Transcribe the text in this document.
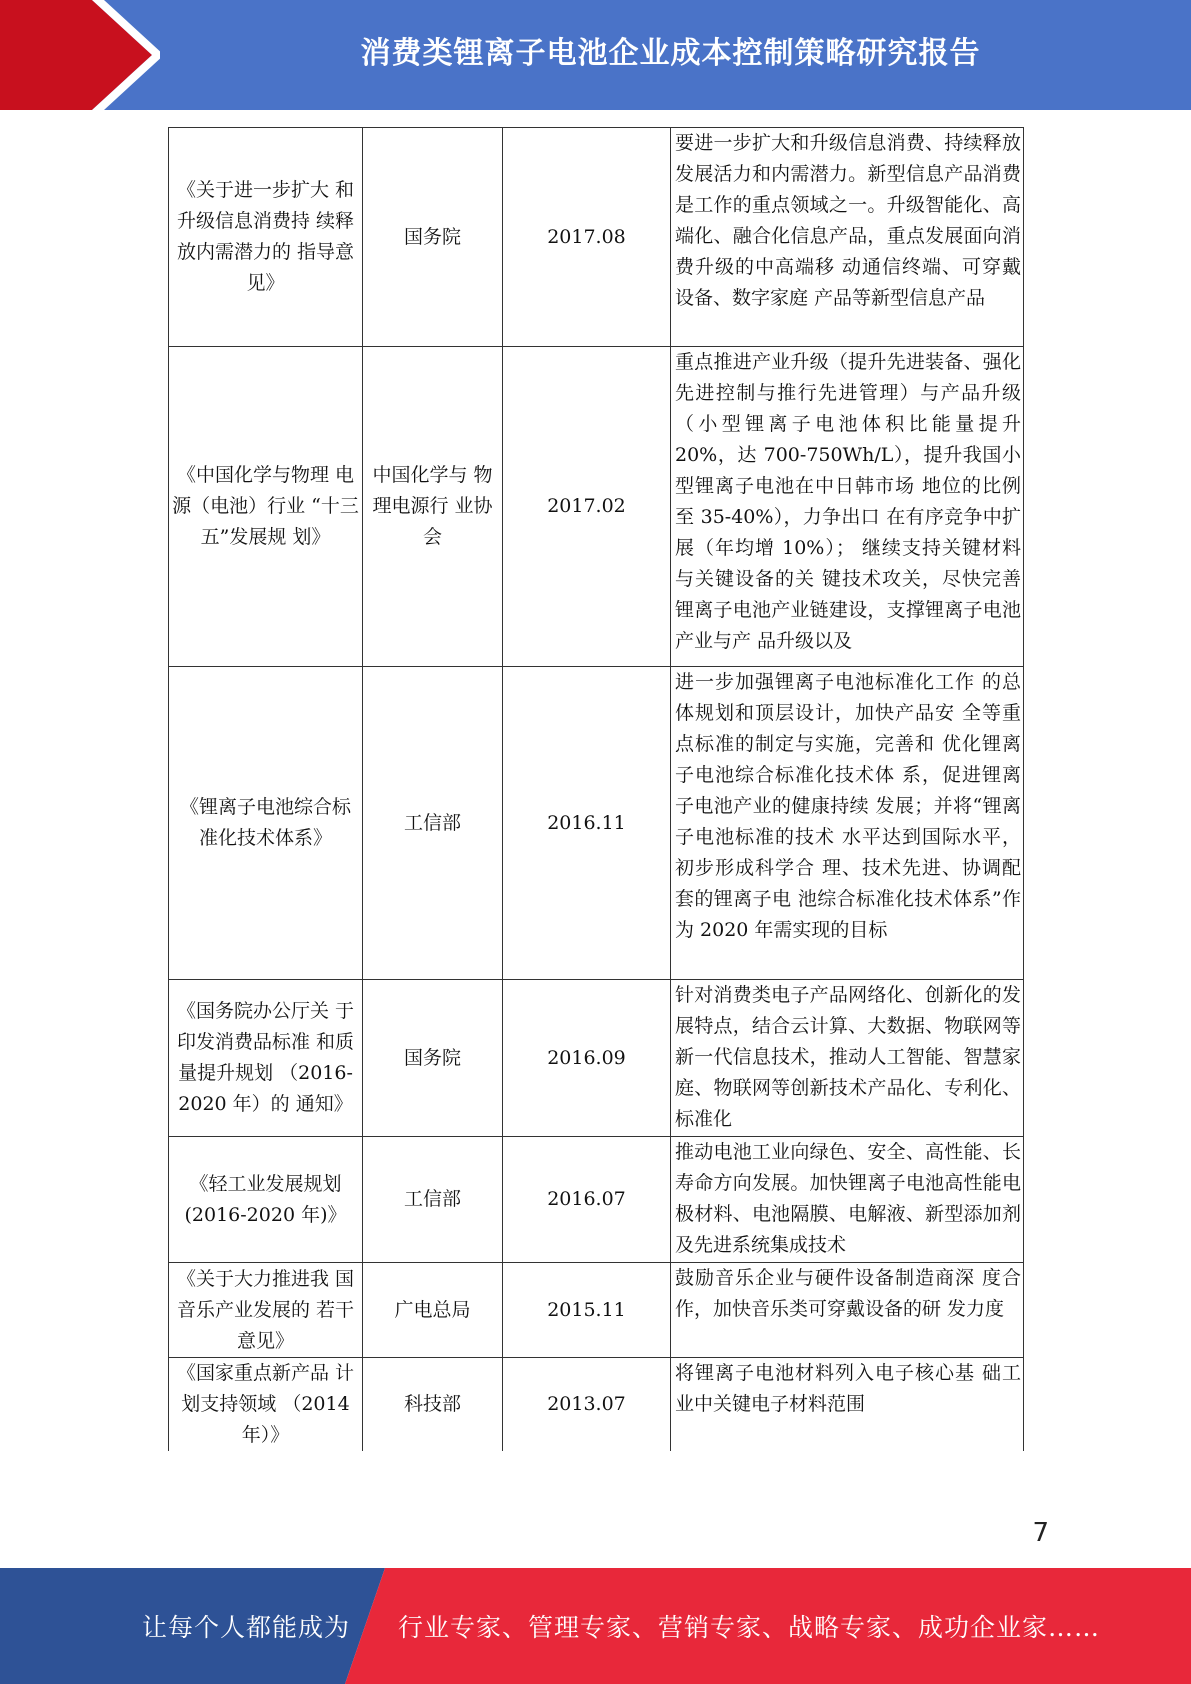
消费类锂离子电池企业成本控制策略研究报告
《关于进一步扩大 和升级信息消费持 续释放内需潜力的 指导意见》	国务院	2017.08	要进一步扩大和升级信息消费、持续释放发展活力和内需潜力。新型信息产品消费是工作的重点领域之一。升级智能化、高端化、融合化信息产品，重点发展面向消费升级的中高端移 动通信终端、可穿戴设备、数字家庭 产品等新型信息产品
《中国化学与物理 电源（电池）行业 “十三五”发展规 划》	中国化学与 物理电源行 业协会	2017.02	重点推进产业升级（提升先进装备、强化先进控制与推行先进管理）与产品升级（小型锂离子电池体积比能量提升 20%，达 700-750Wh/L），提升我国小型锂离子电池在中日韩市场 地位的比例至 35-40%），力争出口 在有序竞争中扩展（年均增 10%）； 继续支持关键材料与关键设备的关 键技术攻关，尽快完善锂离子电池产业链建设，支撑锂离子电池产业与产 品升级以及
《锂离子电池综合标准化技术体系》	工信部	2016.11	进一步加强锂离子电池标准化工作 的总体规划和顶层设计，加快产品安 全等重点标准的制定与实施，完善和 优化锂离子电池综合标准化技术体 系，促进锂离子电池产业的健康持续 发展；并将“锂离子电池标准的技术 水平达到国际水平，初步形成科学合 理、技术先进、协调配套的锂离子电 池综合标准化技术体系”作为 2020 年需实现的目标
《国务院办公厅关 于印发消费品标准 和质量提升规划 （2016-2020 年）的 通知》	国务院	2016.09	针对消费类电子产品网络化、创新化的发展特点，结合云计算、大数据、物联网等新一代信息技术，推动人工智能、智慧家庭、物联网等创新技术产品化、专利化、标准化
《轻工业发展规划 (2016-2020 年)》	工信部	2016.07	推动电池工业向绿色、安全、高性能、长寿命方向发展。加快锂离子电池高性能电极材料、电池隔膜、电解液、新型添加剂及先进系统集成技术
《关于大力推进我 国音乐产业发展的 若干意见》	广电总局	2015.11	鼓励音乐企业与硬件设备制造商深 度合作，加快音乐类可穿戴设备的研 发力度
《国家重点新产品 计划支持领域 （2014 年）》	科技部	2013.07	将锂离子电池材料列入电子核心基 础工业中关键电子材料范围
7
让每个人都能成为 行业专家、管理专家、营销专家、战略专家、成功企业家……
